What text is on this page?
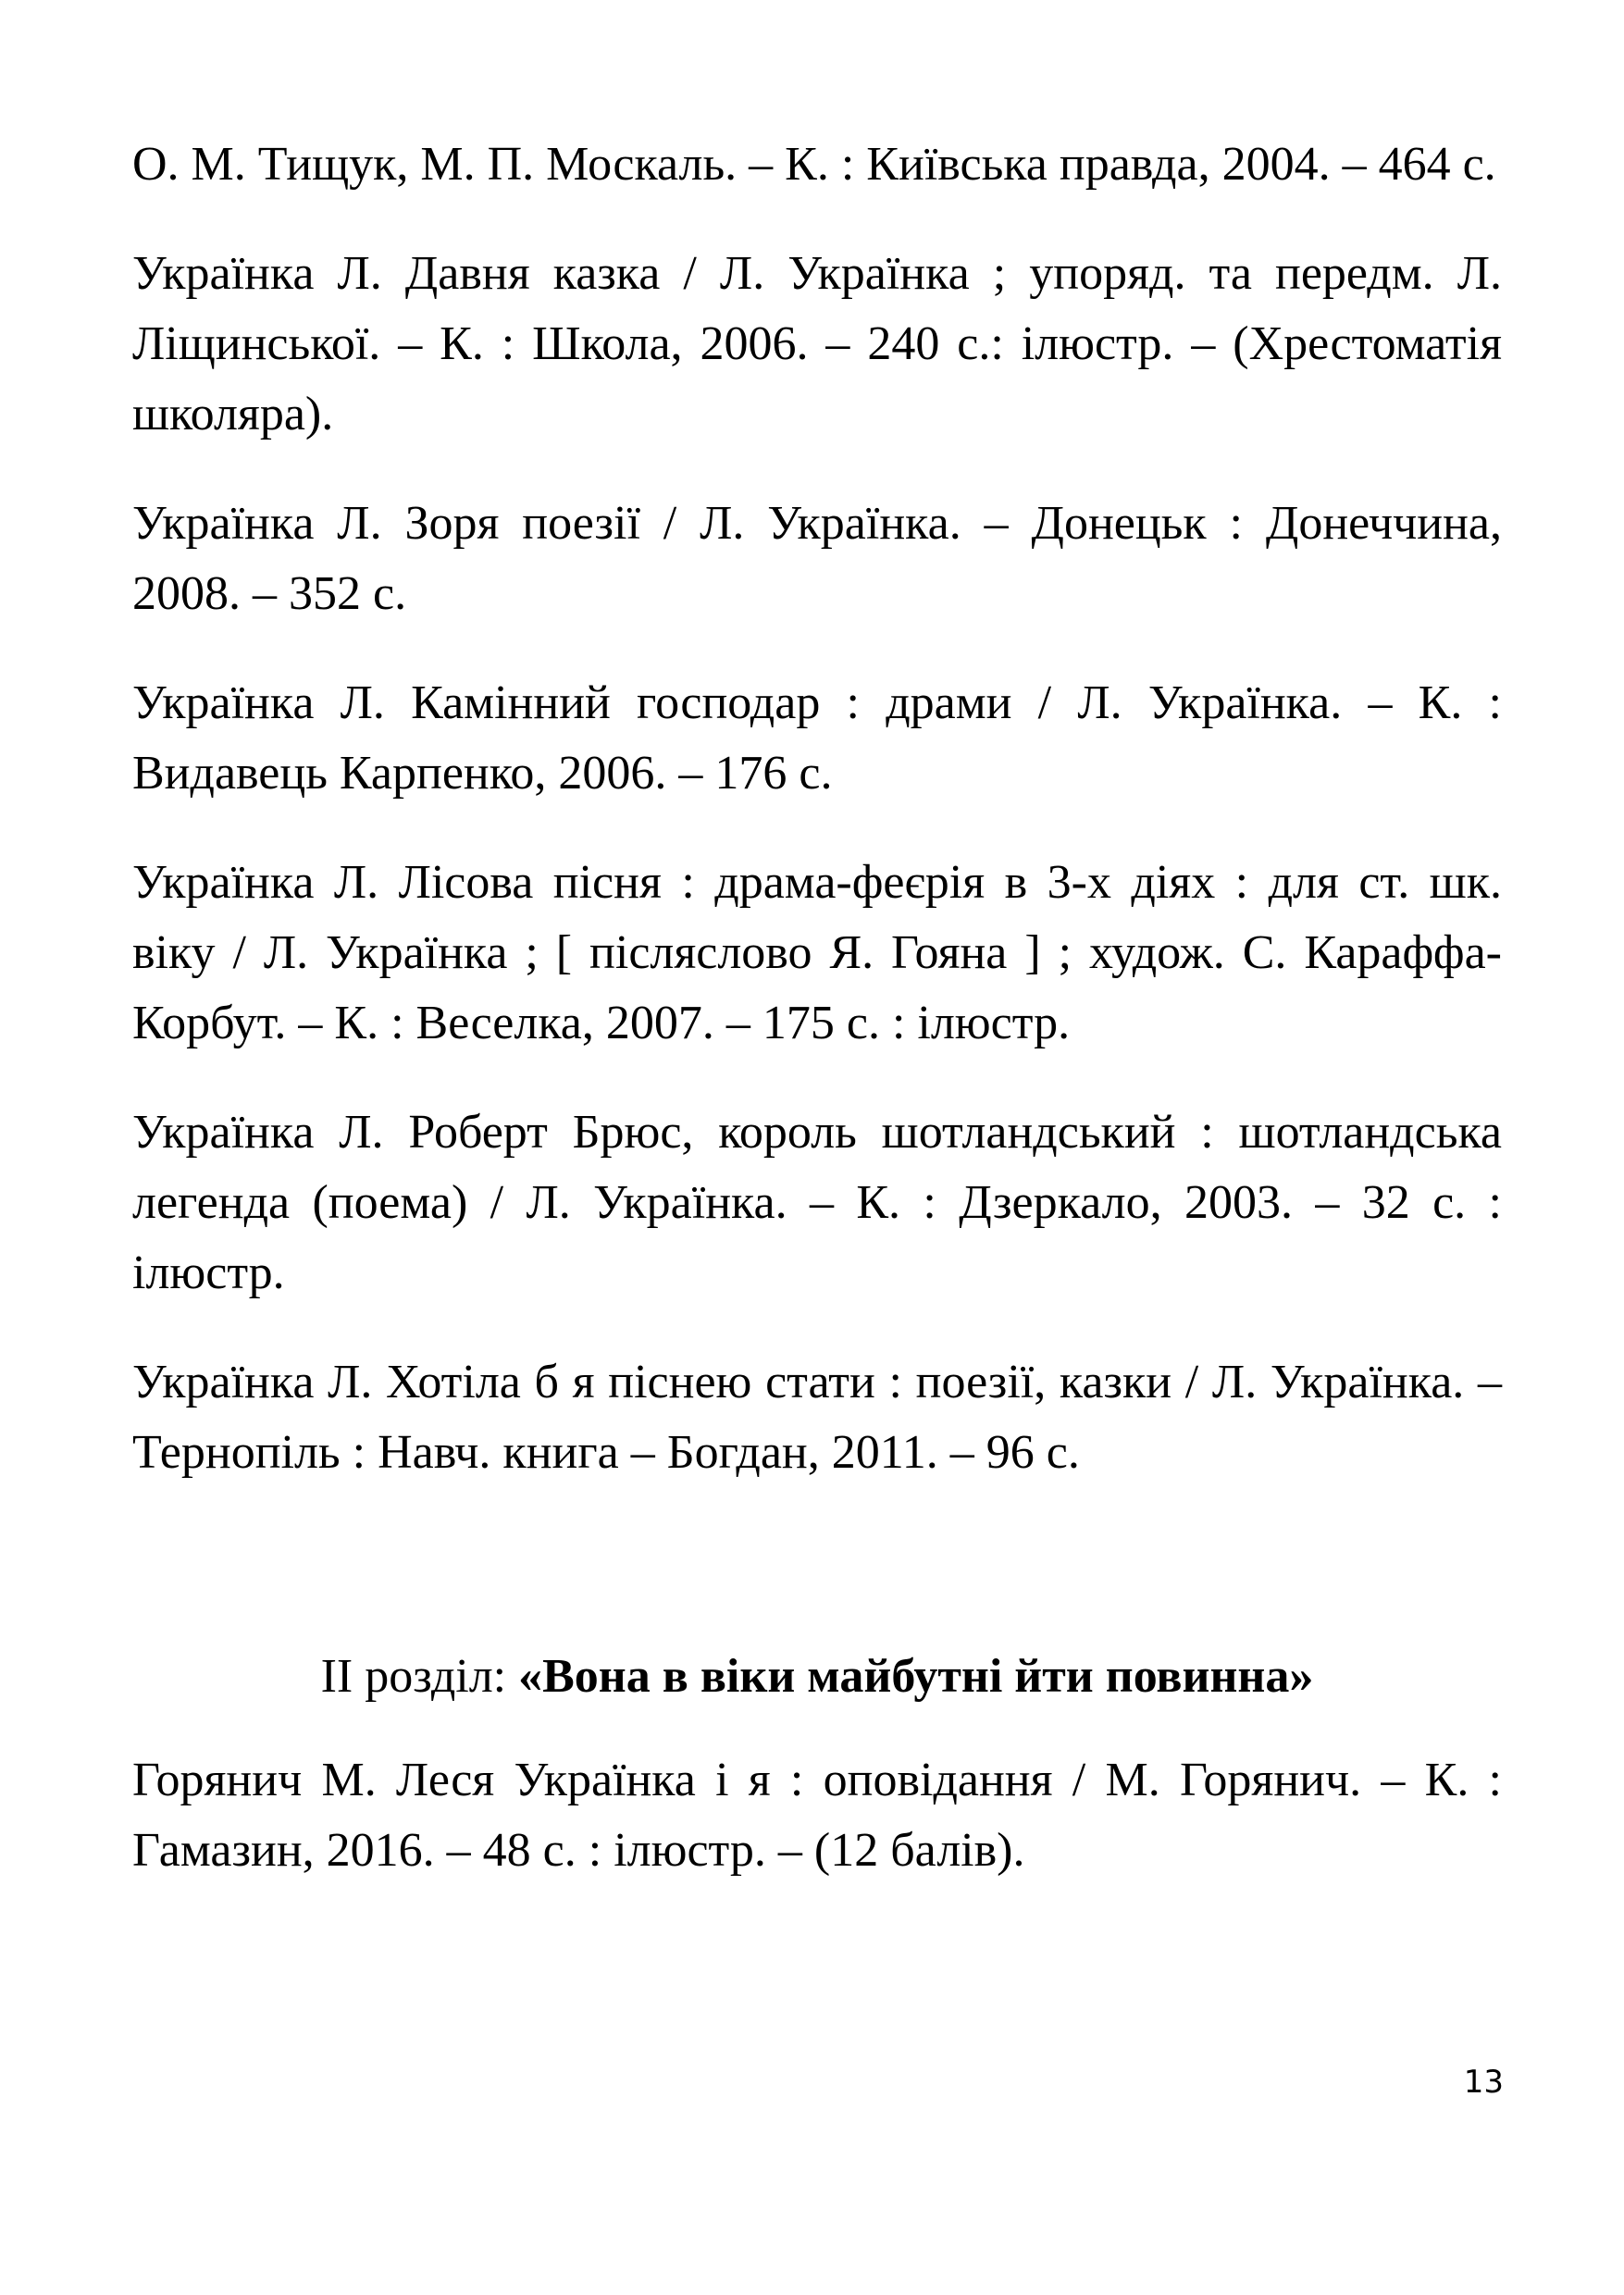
О. М. Тищук, М. П. Москаль. – К. : Київська правда, 2004. – 464 с.

Українка Л. Давня казка / Л. Українка ; упоряд. та передм. Л. Ліщинської. – К. : Школа, 2006. – 240 с.: ілюстр. – (Хрестоматія школяра).

Українка Л. Зоря поезії / Л. Українка. – Донецьк : Донеччина, 2008. – 352 с.

Українка Л. Камінний господар : драми / Л. Українка. – К. : Видавець Карпенко, 2006. – 176 с.

Українка Л. Лісова пісня : драма-феєрія в 3-х діях : для ст. шк. віку / Л. Українка ; [ післяслово Я. Гояна ] ; худож. С. Караффа-Корбут. – К. : Веселка, 2007. – 175 с. : ілюстр.

Українка Л. Роберт Брюс, король шотландський : шотландська легенда (поема) / Л. Українка. – К. : Дзеркало, 2003. – 32 с. : ілюстр.

Українка Л. Хотіла б я піснею стати : поезії, казки / Л. Українка. – Тернопіль : Навч. книга – Богдан, 2011. – 96 с.

ІІ розділ: «Вона в віки майбутні йти повинна»

Горянич М. Леся Українка і я : оповідання / М. Горянич. – К. : Гамазин, 2016. – 48 с. : ілюстр. – (12 балів).

13
